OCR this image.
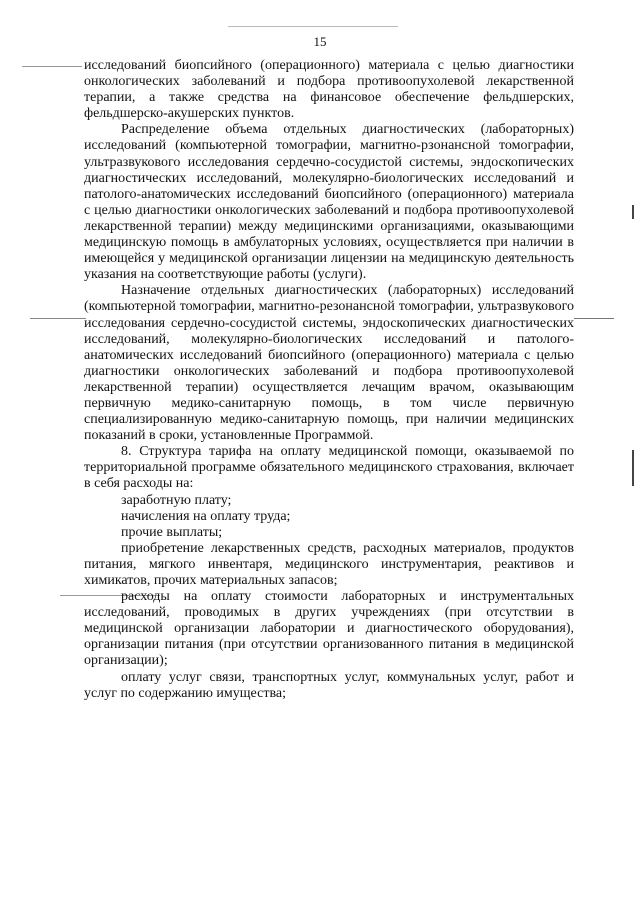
15

исследований биопсийного (операционного) материала с целью диагностики онкологических заболеваний и подбора противоопухолевой лекарственной терапии, а также средства на финансовое обеспечение фельдшерских, фельдшерско-акушерских пунктов.

Распределение объема отдельных диагностических (лабораторных) исследований (компьютерной томографии, магнитно-рзонансной томографии, ультразвукового исследования сердечно-сосудистой системы, эндоскопических диагностических исследований, молекулярно-биологических исследований и патолого-анатомических исследований биопсийного (операционного) материала с целью диагностики онкологических заболеваний и подбора противоопухолевой лекарственной терапии) между медицинскими организациями, оказывающими медицинскую помощь в амбулаторных условиях, осуществляется при наличии в имеющейся у медицинской организации лицензии на медицинскую деятельность указания на соответствующие работы (услуги).

Назначение отдельных диагностических (лабораторных) исследований (компьютерной томографии, магнитно-резонансной томографии, ультразвукового исследования сердечно-сосудистой системы, эндоскопических диагностических исследований, молекулярно-биологических исследований и патолого-анатомических исследований биопсийного (операционного) материала с целью диагностики онкологических заболеваний и подбора противоопухолевой лекарственной терапии) осуществляется лечащим врачом, оказывающим первичную медико-санитарную помощь, в том числе первичную специализированную медико-санитарную помощь, при наличии медицинских показаний в сроки, установленные Программой.

8. Структура тарифа на оплату медицинской помощи, оказываемой по территориальной программе обязательного медицинского страхования, включает в себя расходы на:

заработную плату;

начисления на оплату труда;

прочие выплаты;

приобретение лекарственных средств, расходных материалов, продуктов питания, мягкого инвентаря, медицинского инструментария, реактивов и химикатов, прочих материальных запасов;

расходы на оплату стоимости лабораторных и инструментальных исследований, проводимых в других учреждениях (при отсутствии в медицинской организации лаборатории и диагностического оборудования), организации питания (при отсутствии организованного питания в медицинской организации);

оплату услуг связи, транспортных услуг, коммунальных услуг, работ и услуг по содержанию имущества;
